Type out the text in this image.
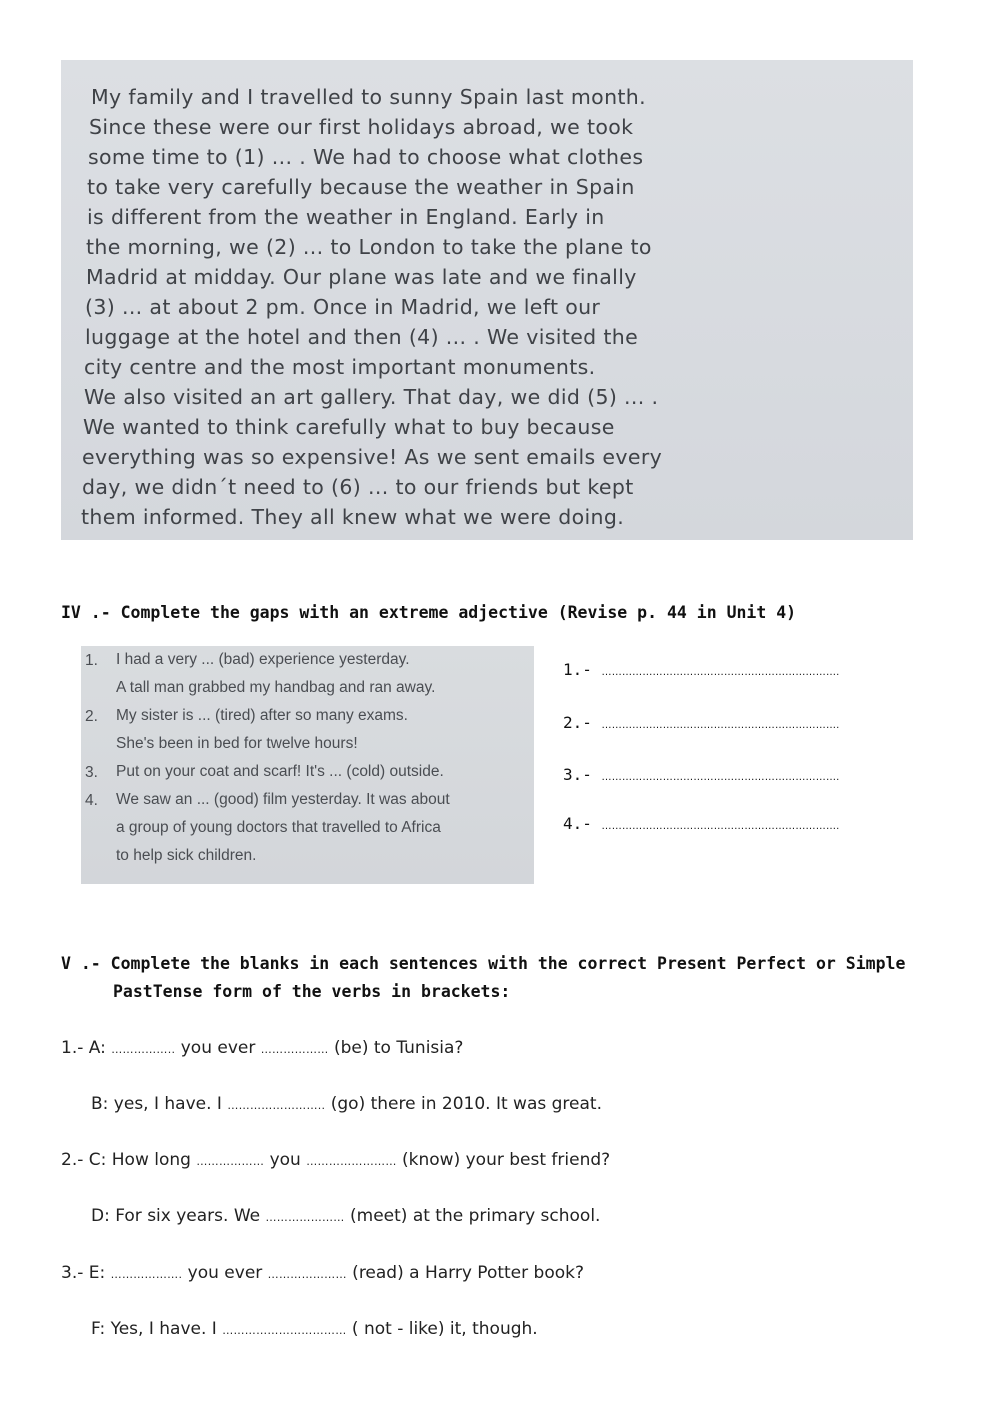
My family and I travelled to sunny Spain last month.
Since these were our first holidays abroad, we took
some time to (1) ... . We had to choose what clothes
to take very carefully because the weather in Spain
is different from the weather in England. Early in
the morning, we (2) ... to London to take the plane to
Madrid at midday. Our plane was late and we finally
(3) ... at about 2 pm. Once in Madrid, we left our
luggage at the hotel and then (4) ... . We visited the
city centre and the most important monuments.
We also visited an art gallery. That day, we did (5) ... .
We wanted to think carefully what to buy because
everything was so expensive! As we sent emails every
day, we didn´t need to (6) ... to our friends but kept
them informed. They all knew what we were doing.
IV .- Complete the gaps with an extreme adjective (Revise p. 44 in Unit 4)
1. I had a very ... (bad) experience yesterday.
A tall man grabbed my handbag and ran away.
2. My sister is ... (tired) after so many exams.
She's been in bed for twelve hours!
3. Put on your coat and scarf! It's ... (cold) outside.
4. We saw an ... (good) film yesterday. It was about
a group of young doctors that travelled to Africa
to help sick children.
1.- …………………………………………………………….
2.- …………………………………………………………….
3.- …………………………………………………………….
4.- …………………………………………………………….
V .- Complete the blanks in each sentences with the correct Present Perfect or Simple
PastTense form of the verbs in brackets:
1.- A: …………….. you ever ……………… (be) to Tunisia?
B: yes, I have. I …………………….. (go) there in 2010. It was great.
2.- C: How long ……………… you …………………… (know) your best friend?
D: For six years. We ………………… (meet) at the primary school.
3.- E: ………………. you ever ………………… (read) a Harry Potter book?
F: Yes, I have. I …………………………… ( not - like) it, though.
